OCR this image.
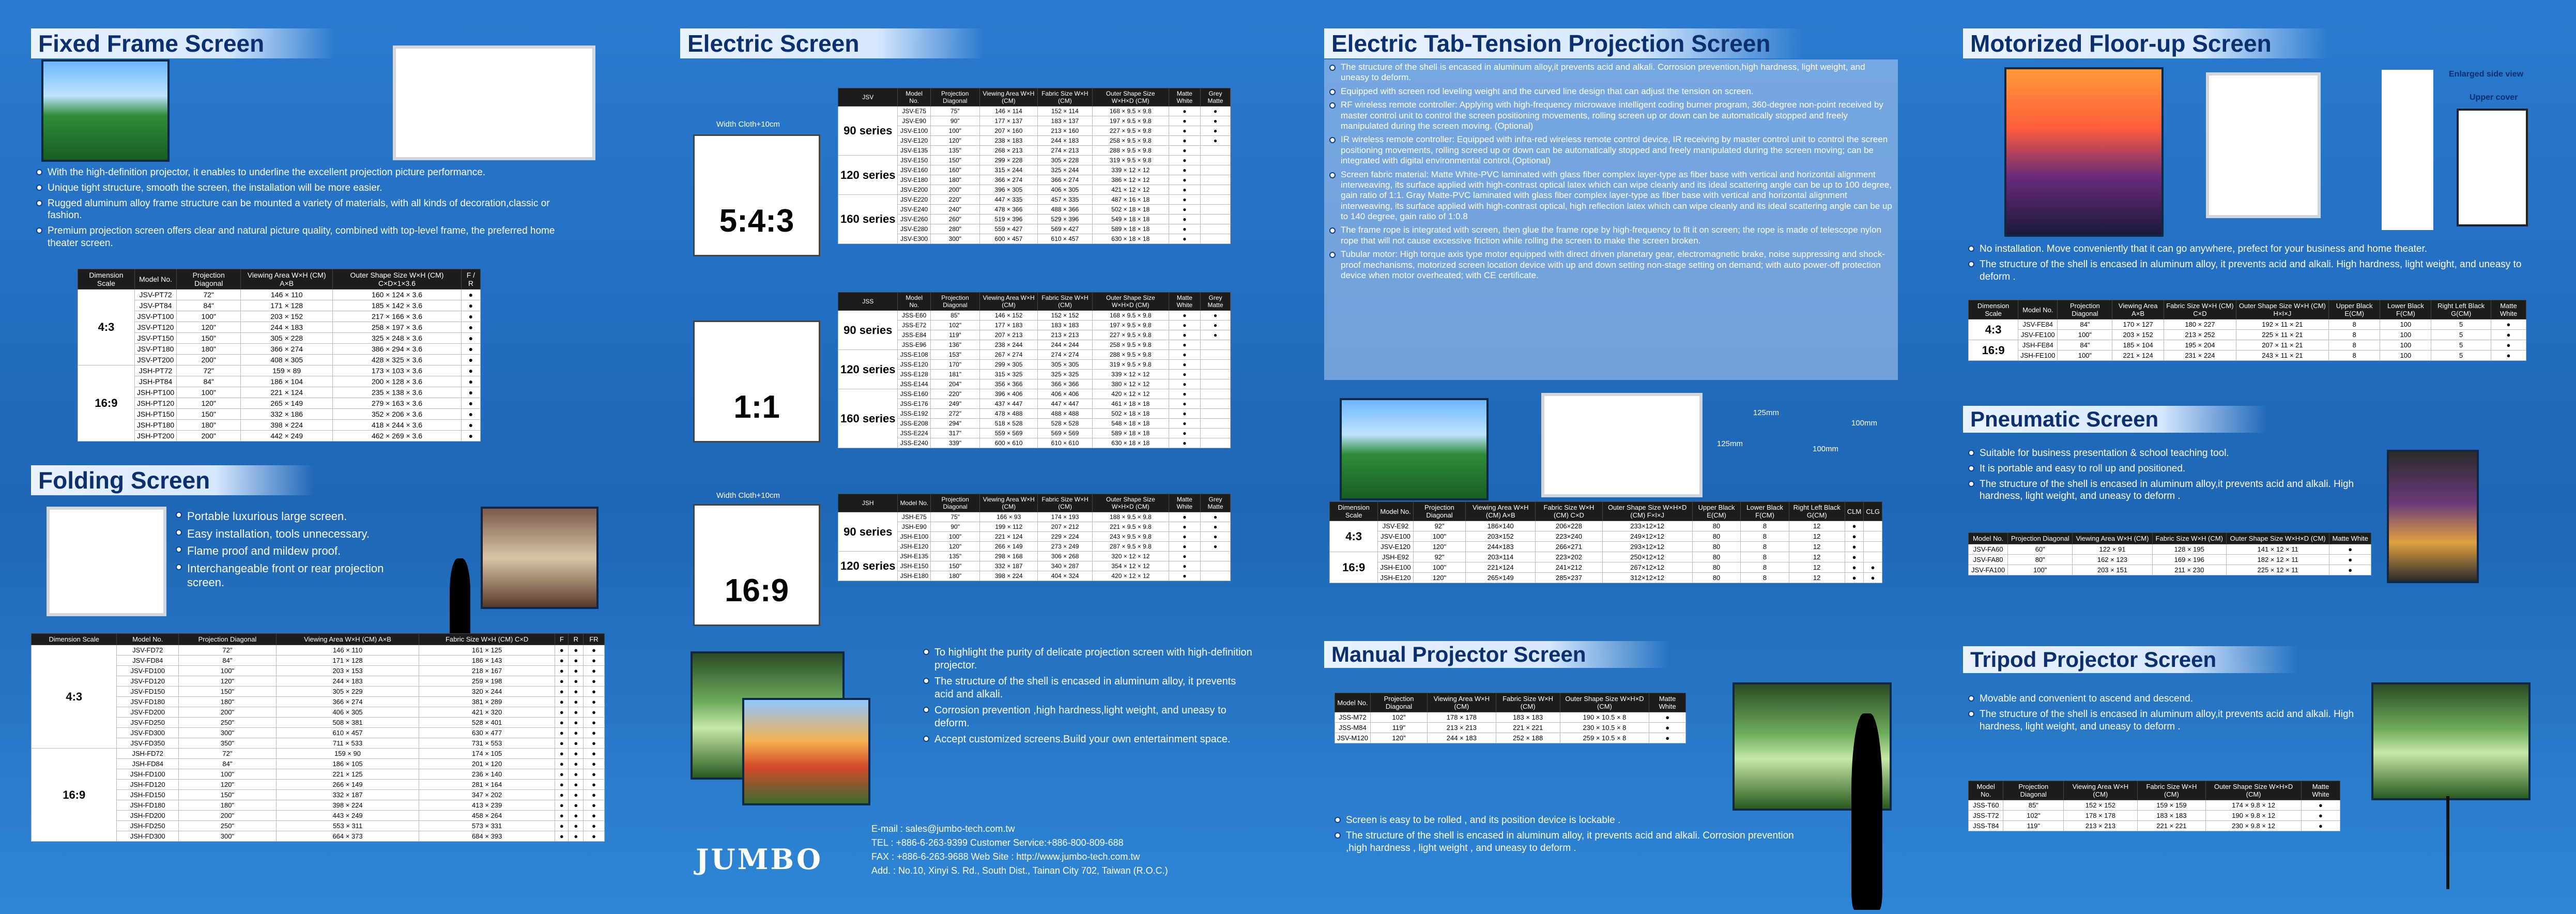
Fixed Frame Screen
With the high-definition projector, it enables to underline the excellent projection picture performance.
Unique tight structure, smooth the screen, the installation will be more easier.
Rugged aluminum alloy frame structure can be mounted a variety of materials, with all kinds of decoration,classic or fashion.
Premium projection screen offers clear and natural picture quality, combined with top-level frame, the preferred home theater screen.
Dimension Scale	Model No.	Projection Diagonal	Viewing Area W×H (CM) A×B	Outer Shape Size W×H (CM) C×D×1×3.6	F / R
4:3	JSV-PT72	72"	146 × 110	160 × 124 × 3.6	●
	JSV-PT84	84"	171 × 128	185 × 142 × 3.6	●
	JSV-PT100	100"	203 × 152	217 × 166 × 3.6	●
	JSV-PT120	120"	244 × 183	258 × 197 × 3.6	●
	JSV-PT150	150"	305 × 228	325 × 248 × 3.6	●
	JSV-PT180	180"	366 × 274	386 × 294 × 3.6	●
	JSV-PT200	200"	408 × 305	428 × 325 × 3.6	●
16:9	JSH-PT72	72"	159 × 89	173 × 103 × 3.6	●
	JSH-PT84	84"	186 × 104	200 × 128 × 3.6	●
	JSH-PT100	100"	221 × 124	235 × 138 × 3.6	●
	JSH-PT120	120"	265 × 149	279 × 163 × 3.6	●
	JSH-PT150	150"	332 × 186	352 × 206 × 3.6	●
	JSH-PT180	180"	398 × 224	418 × 244 × 3.6	●
	JSH-PT200	200"	442 × 249	462 × 269 × 3.6	●
Folding Screen
Portable luxurious large screen.
Easy installation, tools unnecessary.
Flame proof and mildew proof.
Interchangeable front or rear projection screen.
Dimension Scale	Model No.	Projection Diagonal	Viewing Area W×H (CM) A×B	Fabric Size W×H (CM) C×D	F	R	FR
4:3	JSV-FD72	72"	146 × 110	161 × 125	●	●	●
	JSV-FD84	84"	171 × 128	186 × 143	●	●	●
	JSV-FD100	100"	203 × 153	218 × 167	●	●	●
	JSV-FD120	120"	244 × 183	259 × 198	●	●	●
	JSV-FD150	150"	305 × 229	320 × 244	●	●	●
	JSV-FD180	180"	366 × 274	381 × 289	●	●	●
	JSV-FD200	200"	406 × 305	421 × 320	●	●	●
	JSV-FD250	250"	508 × 381	528 × 401	●	●	●
	JSV-FD300	300"	610 × 457	630 × 477	●	●	●
	JSV-FD350	350"	711 × 533	731 × 553	●	●	●
16:9	JSH-FD72	72"	159 × 90	174 × 105	●	●	●
	JSH-FD84	84"	186 × 105	201 × 120	●	●	●
	JSH-FD100	100"	221 × 125	236 × 140	●	●	●
	JSH-FD120	120"	266 × 149	281 × 164	●	●	●
	JSH-FD150	150"	332 × 187	347 × 202	●	●	●
	JSH-FD180	180"	398 × 224	413 × 239	●	●	●
	JSH-FD200	200"	443 × 249	458 × 264	●	●	●
	JSH-FD250	250"	553 × 311	573 × 331	●	●	●
	JSH-FD300	300"	664 × 373	684 × 393	●	●	●
Electric Screen
Width Cloth+10cm
5:4:3
1:1
Width Cloth+10cm
16:9
JSV	Model No.	Projection Diagonal	Viewing Area W×H (CM)	Fabric Size W×H (CM)	Outer Shape Size W×H×D (CM)	Matte White	Grey Matte
90 series	JSV-E75	75"	146 × 114	152 × 114	168 × 9.5 × 9.8	●	●
	JSV-E90	90"	177 × 137	183 × 137	197 × 9.5 × 9.8	●	●
	JSV-E100	100"	207 × 160	213 × 160	227 × 9.5 × 9.8	●	●
	JSV-E120	120"	238 × 183	244 × 183	258 × 9.5 × 9.8	●	●
	JSV-E135	135"	268 × 213	274 × 213	288 × 9.5 × 9.8	●	
120 series	JSV-E150	150"	299 × 228	305 × 228	319 × 9.5 × 9.8	●	
	JSV-E160	160"	315 × 244	325 × 244	339 × 12 × 12	●	
	JSV-E180	180"	366 × 274	366 × 274	386 × 12 × 12	●	
	JSV-E200	200"	396 × 305	406 × 305	421 × 12 × 12	●	
160 series	JSV-E220	220"	447 × 335	457 × 335	487 × 16 × 18	●	
	JSV-E240	240"	478 × 366	488 × 366	502 × 18 × 18	●	
	JSV-E260	260"	519 × 396	529 × 396	549 × 18 × 18	●	
	JSV-E280	280"	559 × 427	569 × 427	589 × 18 × 18	●	
	JSV-E300	300"	600 × 457	610 × 457	630 × 18 × 18	●	
JSS	Model No.	Projection Diagonal	Viewing Area W×H (CM)	Fabric Size W×H (CM)	Outer Shape Size W×H×D (CM)	Matte White	Grey Matte
90 series	JSS-E60	85"	146 × 152	152 × 152	168 × 9.5 × 9.8	●	●
	JSS-E72	102"	177 × 183	183 × 183	197 × 9.5 × 9.8	●	●
	JSS-E84	119"	207 × 213	213 × 213	227 × 9.5 × 9.8	●	●
	JSS-E96	136"	238 × 244	244 × 244	258 × 9.5 × 9.8	●	
120 series	JSS-E108	153"	267 × 274	274 × 274	288 × 9.5 × 9.8	●	
	JSS-E120	170"	299 × 305	305 × 305	319 × 9.5 × 9.8	●	
	JSS-E128	181"	315 × 325	325 × 325	339 × 12 × 12	●	
	JSS-E144	204"	356 × 366	366 × 366	380 × 12 × 12	●	
160 series	JSS-E160	220"	396 × 406	406 × 406	420 × 12 × 12	●	
	JSS-E176	249"	437 × 447	447 × 447	461 × 18 × 18	●	
	JSS-E192	272"	478 × 488	488 × 488	502 × 18 × 18	●	
	JSS-E208	294"	518 × 528	528 × 528	548 × 18 × 18	●	
	JSS-E224	317"	559 × 569	569 × 569	589 × 18 × 18	●	
	JSS-E240	339"	600 × 610	610 × 610	630 × 18 × 18	●	
JSH	Model No.	Projection Diagonal	Viewing Area W×H (CM)	Fabric Size W×H (CM)	Outer Shape Size W×H×D (CM)	Matte White	Grey Matte
90 series	JSH-E75	75"	166 × 93	174 × 193	188 × 9.5 × 9.8	●	●
	JSH-E90	90"	199 × 112	207 × 212	221 × 9.5 × 9.8	●	●
	JSH-E100	100"	221 × 124	229 × 224	243 × 9.5 × 9.8	●	●
	JSH-E120	120"	266 × 149	273 × 249	287 × 9.5 × 9.8	●	●
120 series	JSH-E135	135"	298 × 168	306 × 268	320 × 12 × 12	●	
	JSH-E150	150"	332 × 187	340 × 287	354 × 12 × 12	●	
	JSH-E180	180"	398 × 224	404 × 324	420 × 12 × 12	●	
To highlight the purity of delicate projection screen with high-definition projector.
The structure of the shell is encased in aluminum alloy, it prevents acid and alkali.
Corrosion prevention ,high hardness,light weight, and uneasy to deform.
Accept customized screens.Build your own entertainment space.
E-mail : sales@jumbo-tech.com.tw
TEL : +886-6-263-9399 Customer Service:+886-800-809-688
FAX : +886-6-263-9688 Web Site : http://www.jumbo-tech.com.tw
Add. : No.10, Xinyi S. Rd., South Dist., Tainan City 702, Taiwan (R.O.C.)
JUMBO
Electric Tab-Tension Projection Screen
The structure of the shell is encased in aluminum alloy,it prevents acid and alkali. Corrosion prevention,high hardness, light weight, and uneasy to deform.
Equipped with screen rod leveling weight and the curved line design that can adjust the tension on screen.
RF wireless remote controller: Applying with high-frequency microwave intelligent coding burner program, 360-degree non-point received by master control unit to control the screen positioning movements, rolling screen up or down can be automatically stopped and freely manipulated during the screen moving. (Optional)
IR wireless remote controller: Equipped with infra-red wireless remote control device, IR receiving by master control unit to control the screen positioning movements, rolling screed up or down can be automatically stopped and freely manipulated during the screen moving; can be integrated with digital environmental control.(Optional)
Screen fabric material: Matte White-PVC laminated with glass fiber complex layer-type as fiber base with vertical and horizontal alignment interweaving, its surface applied with high-contrast optical latex which can wipe cleanly and its ideal scattering angle can be up to 100 degree, gain ratio of 1:1. Gray Matte-PVC laminated with glass fiber complex layer-type as fiber base with vertical and horizontal alignment interweaving, its surface applied with high-contrast optical, high reflection latex which can wipe cleanly and its ideal scattering angle can be up to 140 degree, gain ratio of 1:0.8
The frame rope is integrated with screen, then glue the frame rope by high-frequency to fit it on screen; the rope is made of telescope nylon rope that will not cause excessive friction while rolling the screen to make the screen broken.
Tubular motor: High torque axis type motor equipped with direct driven planetary gear, electromagnetic brake, noise suppressing and shock-proof mechanisms, motorized screen location device with up and down setting non-stage setting on demand; with auto power-off protection device when motor overheated; with CE certificate.
125mm
125mm
100mm
100mm
Dimension Scale	Model No.	Projection Diagonal	Viewing Area W×H (CM) A×B	Fabric Size W×H (CM) C×D	Outer Shape Size W×H×D (CM) F×I×J	Upper Black E(CM)	Lower Black F(CM)	Right Left Black G(CM)	CLM	CLG
4:3	JSV-E92	92"	186×140	206×228	233×12×12	80	8	12	●	
	JSV-E100	100"	203×152	223×240	249×12×12	80	8	12	●	
	JSV-E120	120"	244×183	266×271	293×12×12	80	8	12	●	
16:9	JSH-E92	92"	203×114	223×202	250×12×12	80	8	12	●	
	JSH-E100	100"	221×124	241×212	267×12×12	80	8	12	●	●
	JSH-E120	120"	265×149	285×237	312×12×12	80	8	12	●	●
Manual Projector Screen
Model No.	Projection Diagonal	Viewing Area W×H (CM)	Fabric Size W×H (CM)	Outer Shape Size W×H×D (CM)	Matte White
JSS-M72	102"	178 × 178	183 × 183	190 × 10.5 × 8	●
JSS-M84	119"	213 × 213	221 × 221	230 × 10.5 × 8	●
JSV-M120	120"	244 × 183	252 × 188	259 × 10.5 × 8	●
Screen is easy to be rolled , and its position device is lockable .
The structure of the shell is encased in aluminum alloy, it prevents acid and alkali. Corrosion prevention ,high hardness , light weight , and uneasy to deform .
Motorized Floor-up Screen
Enlarged side view
Upper cover
No installation. Move conveniently that it can go anywhere, prefect for your business and home theater.
The structure of the shell is encased in aluminum alloy, it prevents acid and alkali. High hardness, light weight, and uneasy to deform .
Dimension Scale	Model No.	Projection Diagonal	Viewing Area A×B	Fabric Size W×H (CM) C×D	Outer Shape Size W×H (CM) H×I×J	Upper Black E(CM)	Lower Black F(CM)	Right Left Black G(CM)	Matte White
4:3	JSV-FE84	84"	170 × 127	180 × 227	192 × 11 × 21	8	100	5	●
	JSV-FE100	100"	203 × 152	213 × 252	225 × 11 × 21	8	100	5	●
16:9	JSH-FE84	84"	185 × 104	195 × 204	207 × 11 × 21	8	100	5	●
	JSH-FE100	100"	221 × 124	231 × 224	243 × 11 × 21	8	100	5	●
Pneumatic Screen
Suitable for business presentation & school teaching tool.
It is portable and easy to roll up and positioned.
The structure of the shell is encased in aluminum alloy,it prevents acid and alkali. High hardness, light weight, and uneasy to deform .
Model No.	Projection Diagonal	Viewing Area W×H (CM)	Fabric Size W×H (CM)	Outer Shape Size W×H×D (CM)	Matte White
JSV-FA60	60"	122 × 91	128 × 195	141 × 12 × 11	●
JSV-FA80	80"	162 × 123	169 × 196	182 × 12 × 11	●
JSV-FA100	100"	203 × 151	211 × 230	225 × 12 × 11	●
Tripod Projector Screen
Movable and convenient to ascend and descend.
The structure of the shell is encased in aluminum alloy,it prevents acid and alkali. High hardness, light weight, and uneasy to deform .
Model No.	Projection Diagonal	Viewing Area W×H (CM)	Fabric Size W×H (CM)	Outer Shape Size W×H×D (CM)	Matte White
JSS-T60	85"	152 × 152	159 × 159	174 × 9.8 × 12	●
JSS-T72	102"	178 × 178	183 × 183	190 × 9.8 × 12	●
JSS-T84	119"	213 × 213	221 × 221	230 × 9.8 × 12	●
